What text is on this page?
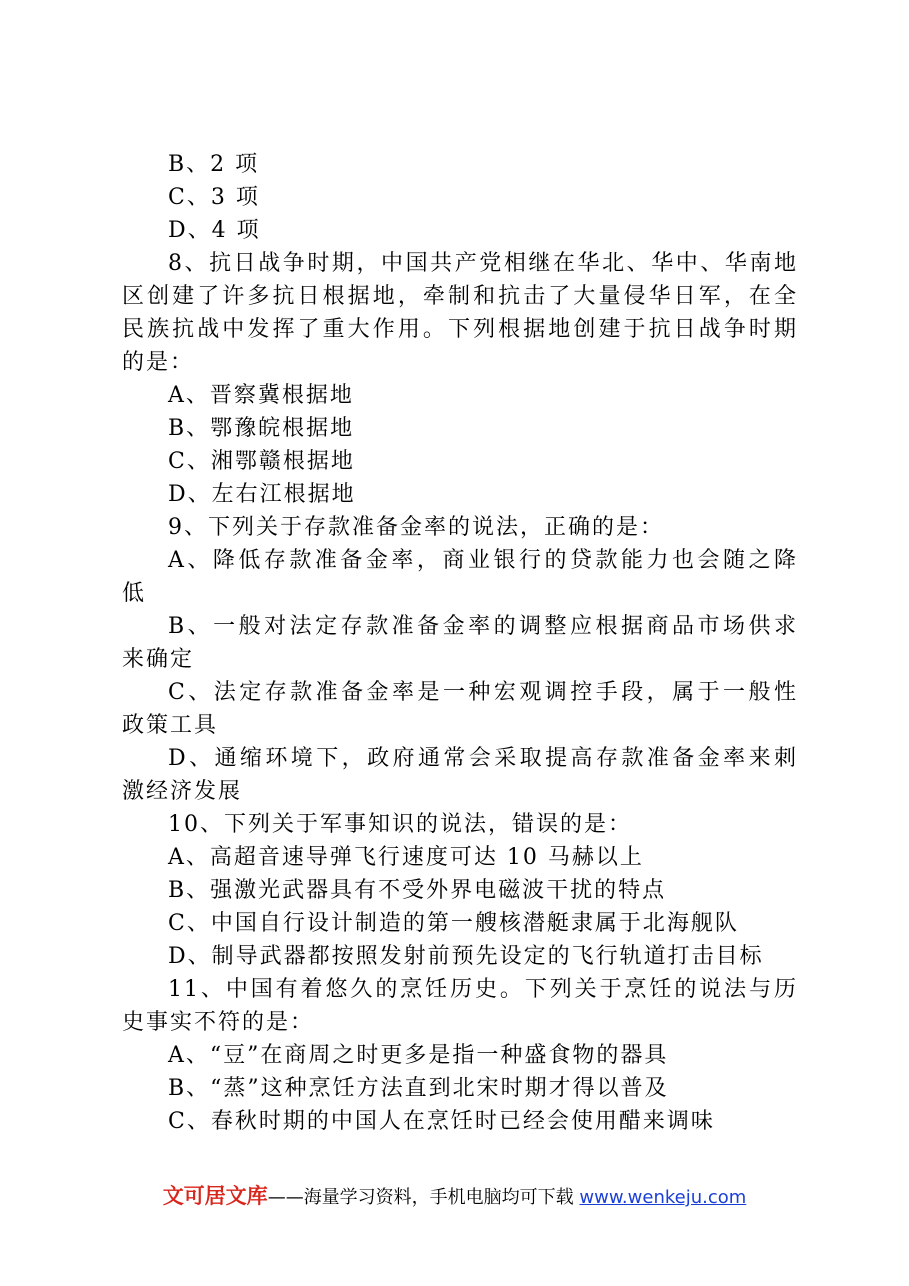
B、2 项
C、3 项
D、4 项
8、抗日战争时期，中国共产党相继在华北、华中、华南地
区创建了许多抗日根据地，牵制和抗击了大量侵华日军，在全
民族抗战中发挥了重大作用。下列根据地创建于抗日战争时期
的是：
A、晋察冀根据地
B、鄂豫皖根据地
C、湘鄂赣根据地
D、左右江根据地
9、下列关于存款准备金率的说法，正确的是：
A、降低存款准备金率，商业银行的贷款能力也会随之降
低
B、一般对法定存款准备金率的调整应根据商品市场供求
来确定
C、法定存款准备金率是一种宏观调控手段，属于一般性
政策工具
D、通缩环境下，政府通常会采取提高存款准备金率来刺
激经济发展
10、下列关于军事知识的说法，错误的是：
A、高超音速导弹飞行速度可达 10 马赫以上
B、强激光武器具有不受外界电磁波干扰的特点
C、中国自行设计制造的第一艘核潜艇隶属于北海舰队
D、制导武器都按照发射前预先设定的飞行轨道打击目标
11、中国有着悠久的烹饪历史。下列关于烹饪的说法与历
史事实不符的是：
A、“豆”在商周之时更多是指一种盛食物的器具
B、“蒸”这种烹饪方法直到北宋时期才得以普及
C、春秋时期的中国人在烹饪时已经会使用醋来调味
文可居文库——海量学习资料，手机电脑均可下载 www.wenkeju.com
